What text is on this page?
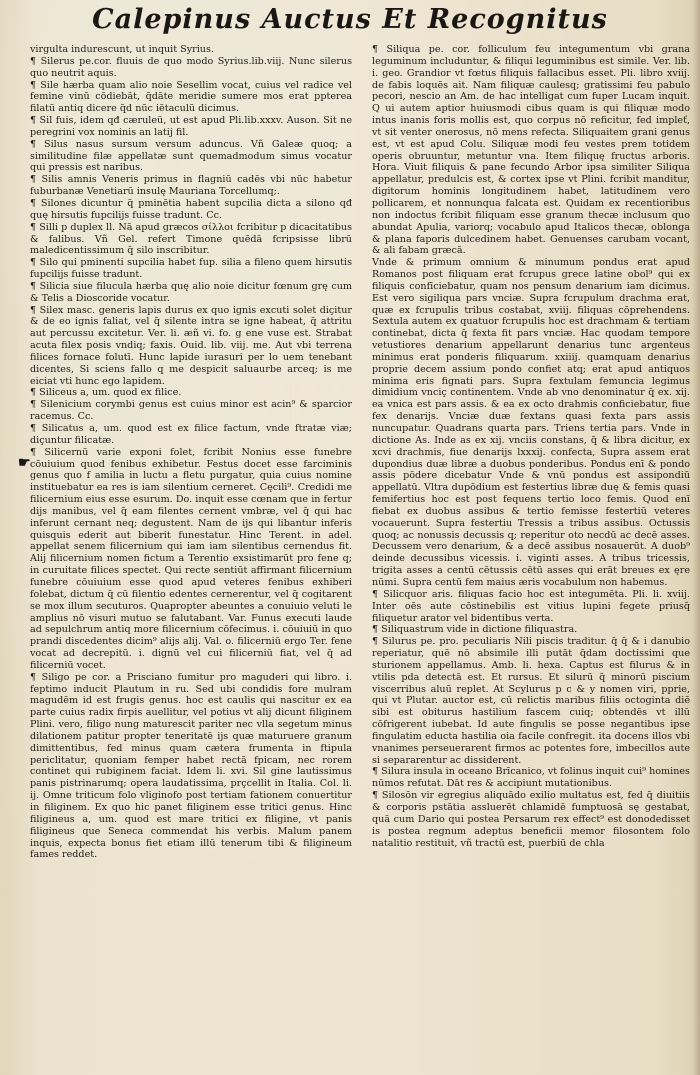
Calepinus Auctus Et Recognitus
☛

virgulta indurescunt, ut inquit Syrius.

¶ Silerus pe.cor. fluuis de quo modo Syrius.lib.viij. Nunc silerus quo neutrit aquis.

¶ Sile hærba quam alio noie Sesellim vocat, cuius vel radice vel femine vinū cōdiebāt, q̄dāte meridie sumere mos erat ppterea filatū antiq dicere q̄d nūc iētaculū dicimus.

¶ Sil fuis, idem qđ cæruleū, ut est apud Pli.lib.xxxv. Auson. Sit ne peregrini vox nominis an latij fil.

¶ Silus nasus sursum versum aduncus. Vñ Galeæ quoq; a similitudine filæ appellatæ sunt quemadmodum simus vocatur qui pressis est naribus.

¶ Silis amnis Veneris primus in flagniū cadēs vbi nūc habetur fuburbanæ Venetiarū insulę Mauriana Torcellumq;.

¶ Silones dicuntur q̄ pminētia habent supcilia dicta a silono qđ quę hirsutis fupcilijs fuisse tradunt. Cc.

¶ Silli p duplex ll. Nā apud græcos σίλλοι fcribitur p dicacitatibus & falibus. Vñ Gel. refert Timone quēdā fcripsisse librū maledicentissimum q̄ silo inscribitur.

¶ Silo qui pminenti supcilia habet fup. silia a fileno quem hirsutis fupcilijs fuisse tradunt.

¶ Silicia siue filucula hærba quę alio noie dicitur fœnum grę cum & Telis a Dioscoride vocatur.

¶ Silex masc. generis lapis durus ex quo ignis excuti solet diçitur & de eo ignis faliat, vel q̄ silente intra se igne habeat, q̄ attritu aut percussu excitetur. Ver. li. æñ vi. fo. g ene vuse est. Strabat acuta filex posis vndiq; faxis. Ouid. lib. viij. me. Aut vbi terrena filices fornace folutī. Hunc lapide iurasuri per lo uem tenebant dicentes, Si sciens fallo q me despicit saluaurbe arceq; is me eiciat vti hunc ego lapidem.

¶ Siliceus a, um. quod ex filice.

¶ Silenicium corymbi genus est cuius minor est acin⁹ & sparcior racemus. Cc.

¶ Silicatus a, um. quod est ex filice factum, vnde ftratæ viæ; diçuntur filicatæ.

¶ Silicernū varie exponi folet, fcribit Nonius esse funebre cōuiuium quod fenibus exhibetur. Festus docet esse farciminis genus quo f amilia in luctu a fletu purgatur, quia cuius nomine instituebatur ea res is iam silentium cerneret. Cęcili⁹. Credidi me filicernium eius esse esurum. Do. inquit esse cœnam que in fertur dijs manibus, vel q̄ eam filentes cernent vmbræ, vel q̄ qui hac inferunt cernant neq; degustent. Nam de ijs qui libantur inferis quisquis ederit aut biberit funestatur. Hinc Terent. in adel. appellat senem filicernium qui iam iam silentibus cernendus fit. Alij filicernium nomen fictum a Terentio exsistimarūt pro fene q; in curuitate filices spectet. Qui recte sentiūt affirmant filicernium funebre cōuiuium esse quod apud veteres fenibus exhiberi folebat, dictum q̄ cū filentio edentes cernerentur, vel q̄ cogitarent se mox illum secuturos. Quapropter abeuntes a conuiuio veluti le amplius nō visuri mutuo se falutabant. Var. Funus executi laude ad sepulchrum antiq more filicernium cōfecimus. i. cōuiuiū in quo prandi discedentes dicim⁹ alijs alij. Val. o. filicerniū ergo Ter. fene vocat ad decrepitū. i. dignū vel cui filicerniū fiat, vel q̄ ad filicerniū vocet.

¶ Siligo pe cor. a Prisciano fumitur pro maguderi qui libro. i. feptimo inducit Plautum in ru. Sed ubi condidis fore mulram magudēm id est frugis genus. hoc est caulis qui nascitur ex ea parte cuius radix firpis auellitur, vel potius vt alij dicunt filiginem Plini. vero, filigo nung maturescit pariter nec vlla segetum minus dilationem patitur propter teneritatē ijs quæ maturuere granum dimittentibus, fed minus quam cætera frumenta in ftipula periclitatur, quoniam femper habet rectā fpicam, nec rorem continet qui rubiginem faciat. Idem li. xvi. Sil gine lautissimus panis pistrinarumq; opera laudatissima, prçcellit in Italia. Col. li. ij. Omne triticum folo vliginofo post tertiam fationem conuertitur in filiginem. Ex quo hic panet filiginem esse tritici genus. Hinc filigineus a, um. quod est mare tritici ex filigine, vt panis filigineus que Seneca commendat his verbis. Malum panem inquis, expecta bonus fiet etiam illū tenerum tibi & filigineum fames reddet.

¶ Siliqua pe. cor. folliculum feu integumentum vbi grana leguminum includuntur, & filiqui leguminibus est simile. Ver. lib. i. geo. Grandior vt fœtus filiquis fallacibus esset. Pli. libro xviij. de fabis loquēs ait. Nam filiquæ caulesq; gratissimi feu pabulo pecori, nescio an Am. de hac intelligat cum fuper Lucam inquit. Q ui autem aptior huiusmodi cibus quam is qui filiquæ modo intus inanis foris mollis est, quo corpus nō reficitur, fed impleť, vt sit venter onerosus, nō mens refecta. Siliquaitem grani genus est, vt est apud Colu. Siliquæ modi feu vestes prem totidem operis obruuntur, metuntur vna. Item filiquę fructus arboris. Hora. Viuit filiquis & pane fecundo Arbor ipsa similiter Siliqua appellatur, predulcis est, & cortex ipse vt Plini. fcribit manditur, digitorum hominis longitudinem habet, latitudinem vero pollicarem, et nonnunqua falcata est. Quidam ex recentioribus non indoctus fcribit filiquam esse granum thecæ inclusum quo abundat Apulia, variorq; vocabulo apud Italicos thecæ, oblonga & plana faporis dulcedinem habet. Genuenses carubam vocant, & ali fabam græcā.

Vnde & primum omnium & minumum pondus erat apud Romanos post filiquam erat fcrupus grece latine obol⁹ qui ex filiquis confīciebatur, quam nos pensum denarium iam dicimus. Est vero sigiliqua pars vnciæ. Supra fcrupulum drachma erat, quæ ex fcrupulis tribus costabat, xviij. filiquas cōprehendens. Sextula autem ex quatuor fcrupulis hoc est drachmam & tertiam continebat, dicta q̄ fexta fit pars vnciæ. Hac quodam tempore vetustiores denarium appellarunt denarius tunc argenteus minimus erat ponderis filiquarum. xxiiij. quamquam denarius proprie decem assium pondo confiet atq; erat apud antiquos minima eris fignati pars. Supra fextulam femuncia legimus dimidium vnciç continentem. Vnde ab vno denominatur q̄ ex. xij. ea vnica est pars assis. & ea ex octo drahmis conficiebatur, fiue fex denarijs. Vnciæ duæ fextans quasi fexta pars assis nuncupatur. Quadrans quarta pars. Triens tertia pars. Vnde in dictione As. Inde as ex xij. vnciis constans, q̄ & libra dicitur, ex xcvi drachmis, fiue denarijs lxxxij. confecta, Supra assem erat dupondius duæ libræ a duobus ponderibus. Pondus enī & pondo assis pōdere dicebatur Vnde & vnū pondus est assipondiū appellatū. Vltra dupōdium est festertius libræ duę & femis quasi femifertius hoc est post fequens tertio loco femis. Quod enī fiebat ex duobus assibus & tertio femisse festertiū veteres vocauerunt. Supra festertiu Tressis a tribus assibus. Octussis quoq; ac nonussis decussis q; reperitur oto necdū ac decē asses. Decussem vero denarium, & a decē assibus nosauerūt. A duob⁹ deinde decussibus vicessis. i. viginti asses. A tribus tricessis, trigita asses a centū cētussis cētū asses qui erāt breues ex ęre nūmi. Supra centū fem maius æris vocabulum non habemus.

¶ Silicquor aris. filiquas facio hoc est integumēta. Pli. li. xviij. Inter oēs aute cōstinebilis est vitius lupini fegete priusq̄ filiquetur arator vel bidentibus verta.

¶ Siliquastrum vide in dictione filiquastra.

¶ Silurus pe. pro. peculiaris Nili piscis traditur. q̄ q̄ & i danubio reperiatur, quē nō absimile illi putāt q̄dam doctissimi que sturionem appellamus. Amb. li. hexa. Captus est filurus & in vtilis pda detectā est. Et rursus. Et silurū q̄ minorū piscium viscerribus aluū replet. At Scylurus p c & y nomen viri, pprie, qui vt Plutar. auctor est, cū relictis maribus filiis octoginta diē sibi est obiturus hastilium fascem cuiq; obtendēs vt illū cōfrigerent iubebat. Id aute fingulis se posse negantibus ipse fingulatim educta hastilia oia facile confregit. ita docens illos vbi vnanimes perseuerarent firmos ac potentes fore, imbecillos aute si separarentur ac dissiderent.

¶ Silura insula in oceano Brīcanico, vt folinus inquit cui⁹ homines nūmos refutat. Dāt res & accipiunt mutationibus.

¶ Silosōn vir egregius aliquādo exilio multatus est, fed q̄ diuitiis & corporis pstātia assluerēt chlamidē fumptuosā sę gestabat, quā cum Dario qui postea Persarum rex effect⁹ est donodedisset is postea regnum adeptus beneficii memor filosontem folo natalitio restituit, vñ tractū est, puerbiū de chla
